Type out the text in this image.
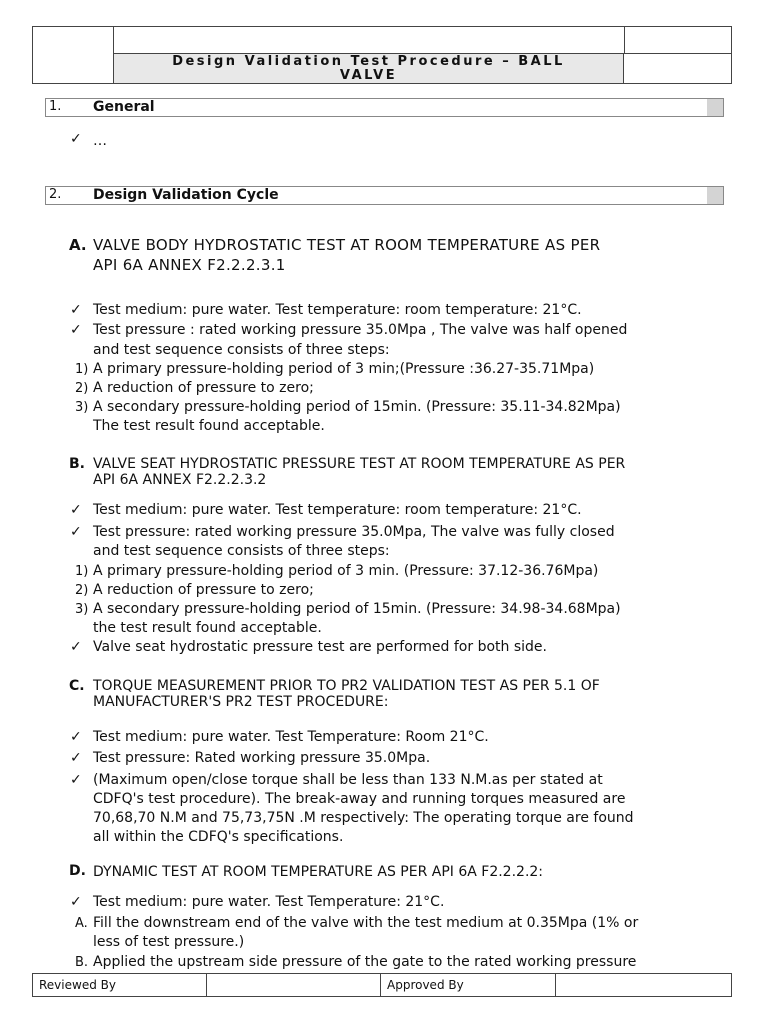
Design Validation Test Procedure – BALL
VALVE
1. General
✓ …
2. Design Validation Cycle
A. VALVE BODY HYDROSTATIC TEST AT ROOM TEMPERATURE AS PER
API 6A ANNEX F2.2.2.3.1
✓ Test medium: pure water. Test temperature: room temperature: 21°C.
✓ Test pressure : rated working pressure 35.0Mpa , The valve was half opened
and test sequence consists of three steps:
1) A primary pressure-holding period of 3 min;(Pressure :36.27-35.71Mpa)
2) A reduction of pressure to zero;
3) A secondary pressure-holding period of 15min. (Pressure: 35.11-34.82Mpa)
The test result found acceptable.
B. VALVE SEAT HYDROSTATIC PRESSURE TEST AT ROOM TEMPERATURE AS PER
API 6A ANNEX F2.2.2.3.2
✓ Test medium: pure water. Test temperature: room temperature: 21°C.
✓ Test pressure: rated working pressure 35.0Mpa, The valve was fully closed
and test sequence consists of three steps:
1) A primary pressure-holding period of 3 min. (Pressure: 37.12-36.76Mpa)
2) A reduction of pressure to zero;
3) A secondary pressure-holding period of 15min. (Pressure: 34.98-34.68Mpa)
the test result found acceptable.
✓ Valve seat hydrostatic pressure test are performed for both side.
C. TORQUE MEASUREMENT PRIOR TO PR2 VALIDATION TEST AS PER 5.1 OF
MANUFACTURER'S PR2 TEST PROCEDURE:
✓ Test medium: pure water. Test Temperature: Room 21°C.
✓ Test pressure: Rated working pressure 35.0Mpa.
✓ (Maximum open/close torque shall be less than 133 N.M.as per stated at
CDFQ's test procedure). The break-away and running torques measured are
70,68,70 N.M and 75,73,75N .M respectively: The operating torque are found
all within the CDFQ's specifications.
D. DYNAMIC TEST AT ROOM TEMPERATURE AS PER API 6A F2.2.2.2:
✓ Test medium: pure water. Test Temperature: 21°C.
A. Fill the downstream end of the valve with the test medium at 0.35Mpa (1% or
less of test pressure.)
B. Applied the upstream side pressure of the gate to the rated working pressure
Reviewed By	Approved By
